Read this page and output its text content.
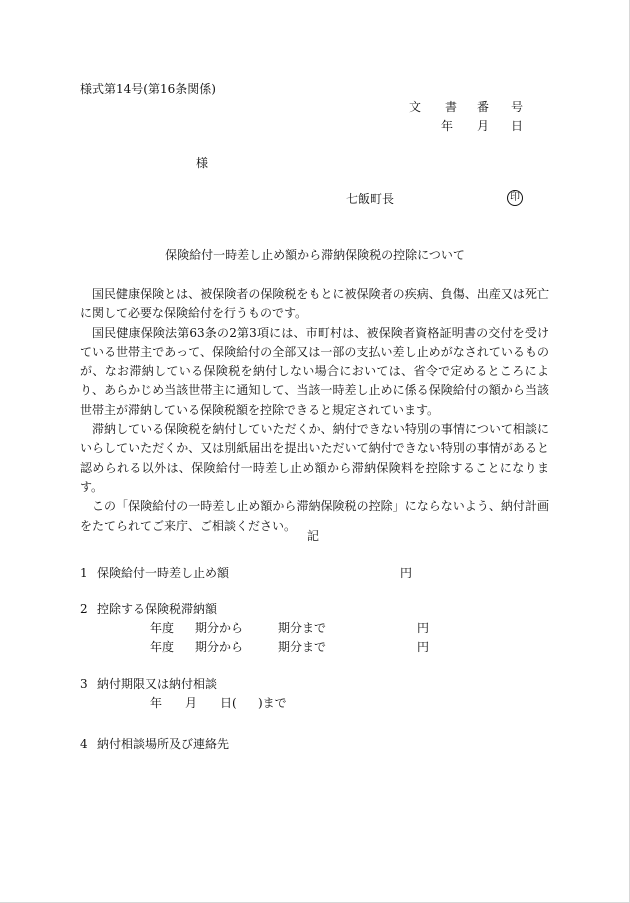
様式第14号(第16条関係)
文 書 番 号
年 月 日
様
七飯町長	印
保険給付一時差し止め額から滞納保険税の控除について

国民健康保険とは、被保険者の保険税をもとに被保険者の疾病、負傷、出産又は死亡に関して必要な保険給付を行うものです。

国民健康保険法第63条の2第3項には、市町村は、被保険者資格証明書の交付を受けている世帯主であって、保険給付の全部又は一部の支払い差し止めがなされているものが、なお滞納している保険税を納付しない場合においては、省令で定めるところにより、あらかじめ当該世帯主に通知して、当該一時差し止めに係る保険給付の額から当該世帯主が滞納している保険税額を控除できると規定されています。

滞納している保険税を納付していただくか、納付できない特別の事情について相談にいらしていただくか、又は別紙届出を提出いただいて納付できない特別の事情があると認められる以外は、保険給付一時差し止め額から滞納保険料を控除することになります。

この「保険給付の一時差し止め額から滞納保険税の控除」にならないよう、納付計画をたてられてご来庁、ご相談ください。

記
1 保険給付一時差し止め額	円
2 控除する保険税滞納額
年度 期分から	期分まで	円
年度 期分から	期分まで	円
3 納付期限又は納付相談
年 月 日( )まで
4 納付相談場所及び連絡先
